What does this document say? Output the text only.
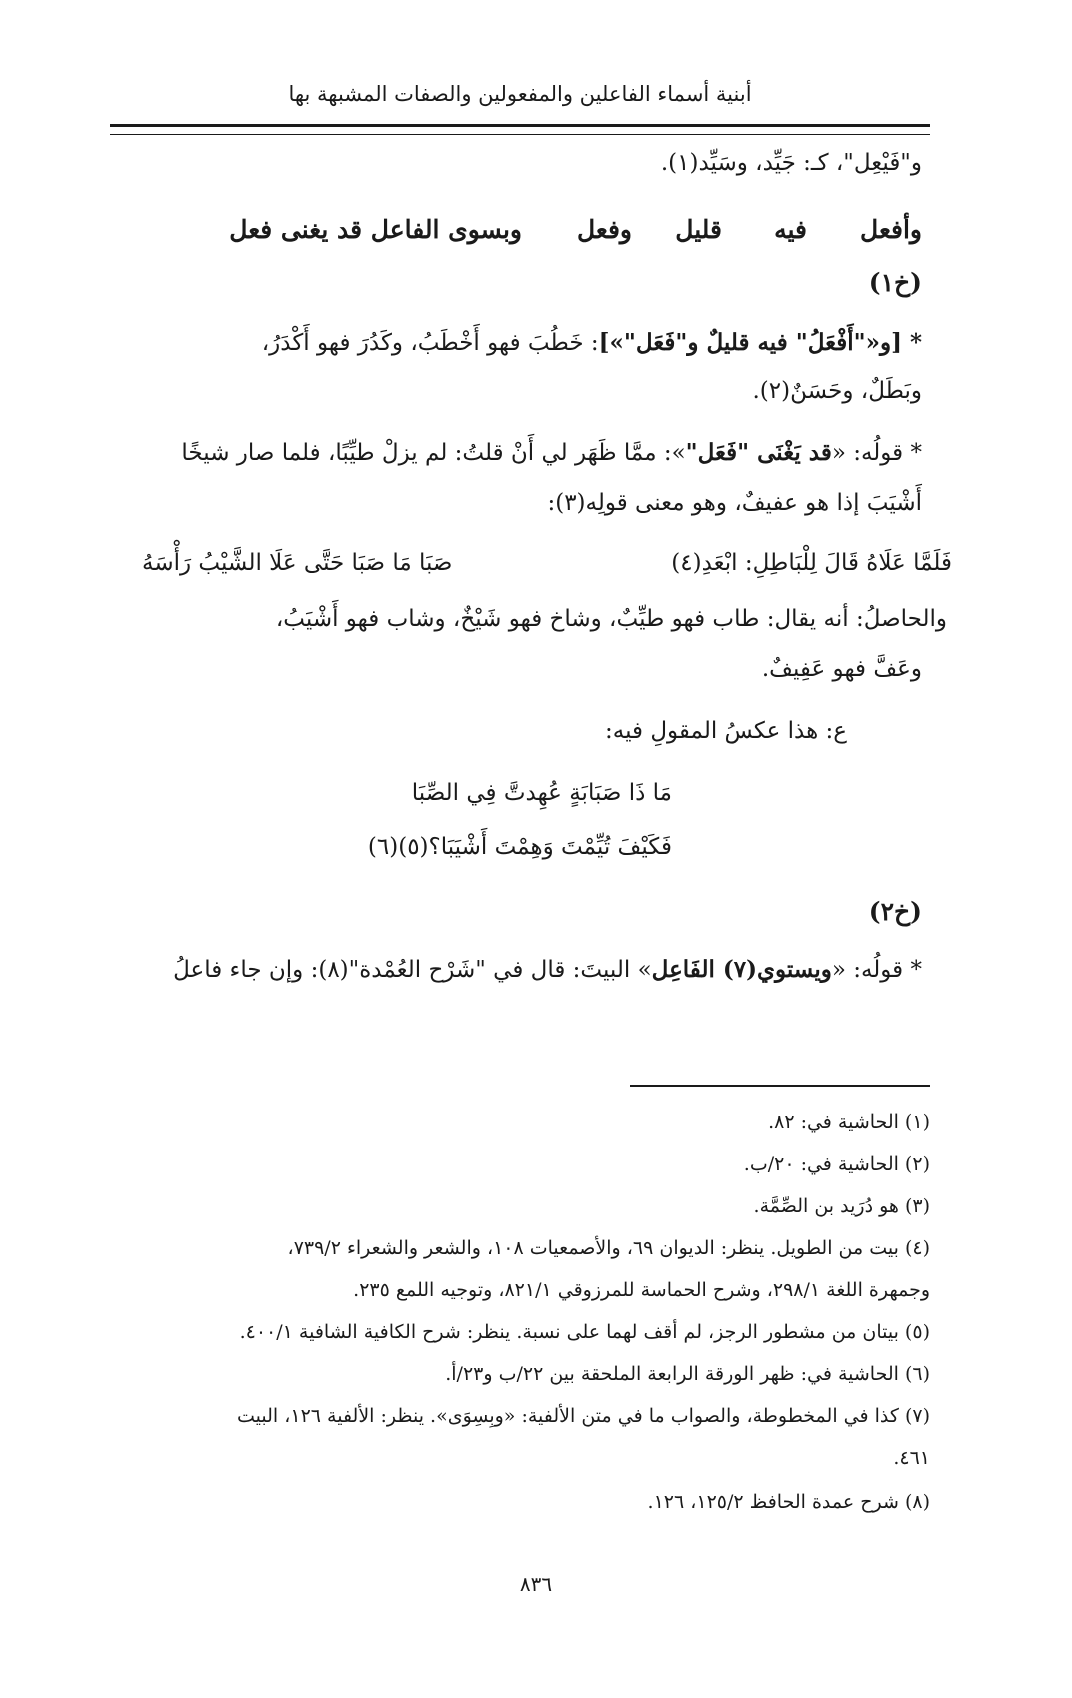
أبنية أسماء الفاعلين والمفعولين والصفات المشبهة بها
و"فَيْعِل"، كـ: جَيِّد، وسَيِّد(١).
وأفعل
فيه
قليل
وفعل
وبسوى الفاعل قد يغنى فعل
(خ١)
* [و«"أَفْعَلُ" فيه قليلٌ و"فَعَل"»]: خَطُبَ فهو أَخْطَبُ، وكَدُرَ فهو أَكْدَرُ،
وبَطَلٌ، وحَسَنٌ(٢).
* قولُه: «قد يَغْنَى "فَعَل"»: ممَّا ظَهَر لي أَنْ قلتُ: لم يزلْ طيِّبًا، فلما صار شيخًا
أَشْيَبَ إذا هو عفيفٌ، وهو معنى قولِه(٣):
صَبَا مَا صَبَا حَتَّى عَلَا الشَّيْبُ رَأْسَهُ	فَلَمَّا عَلَاهُ قَالَ لِلْبَاطِلِ: ابْعَدِ(٤)
والحاصلُ: أنه يقال: طاب فهو طيِّبٌ، وشاخ فهو شَيْخٌ، وشاب فهو أَشْيَبُ،
وعَفَّ فهو عَفِيفٌ.
ع: هذا عكسُ المقولِ فيه:
مَا ذَا صَبَابَةٍ عُهِدتَّ فِي الصِّبَا
فَكَيْفَ تُيِّمْتَ وَهِمْتَ أَشْيَبَا؟(٥)(٦)
(خ٢)
* قولُه: «ويستوي(٧) الفَاعِل» البيتَ: قال في "شَرْح العُمْدة"(٨): وإن جاء فاعلُ
(١) الحاشية في: ٨٢.
(٢) الحاشية في: ٢٠/ب.
(٣) هو دُرَيد بن الصِّمَّة.
(٤) بيت من الطويل. ينظر: الديوان ٦٩، والأصمعيات ١٠٨، والشعر والشعراء ٧٣٩/٢،
وجمهرة اللغة ٢٩٨/١، وشرح الحماسة للمرزوقي ٨٢١/١، وتوجيه اللمع ٢٣٥.
(٥) بيتان من مشطور الرجز، لم أقف لهما على نسبة. ينظر: شرح الكافية الشافية ٤٠٠/١.
(٦) الحاشية في: ظهر الورقة الرابعة الملحقة بين ٢٢/ب و٢٣/أ.
(٧) كذا في المخطوطة، والصواب ما في متن الألفية: «وبِسِوَى». ينظر: الألفية ١٢٦، البيت
٤٦١.
(٨) شرح عمدة الحافظ ١٢٥/٢، ١٢٦.
٨٣٦
